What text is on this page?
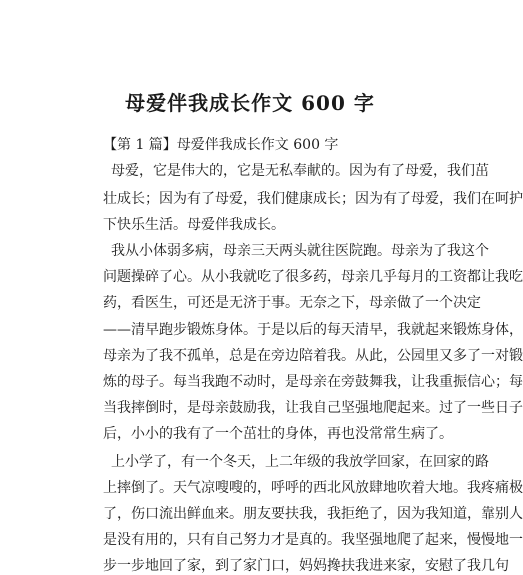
母爱伴我成长作文 600 字
【第 1 篇】母爱伴我成长作文 600 字
母爱，它是伟大的，它是无私奉献的。因为有了母爱，我们茁
壮成长；因为有了母爱，我们健康成长；因为有了母爱，我们在呵护
下快乐生活。母爱伴我成长。
我从小体弱多病，母亲三天两头就往医院跑。母亲为了我这个
问题操碎了心。从小我就吃了很多药，母亲几乎每月的工资都让我吃
药，看医生，可还是无济于事。无奈之下，母亲做了一个决定
——清早跑步锻炼身体。于是以后的每天清早，我就起来锻炼身体，
母亲为了我不孤单，总是在旁边陪着我。从此，公园里又多了一对锻
炼的母子。每当我跑不动时，是母亲在旁鼓舞我，让我重振信心；每
当我摔倒时，是母亲鼓励我，让我自己坚强地爬起来。过了一些日子
后，小小的我有了一个茁壮的身体，再也没常常生病了。
上小学了，有一个冬天，上二年级的我放学回家，在回家的路
上摔倒了。天气凉嗖嗖的，呼呼的西北风放肆地吹着大地。我疼痛极
了，伤口流出鲜血来。朋友要扶我，我拒绝了，因为我知道，靠别人
是没有用的，只有自己努力才是真的。我坚强地爬了起来，慢慢地一
步一步地回了家，到了家门口，妈妈搀扶我进来家，安慰了我几句
